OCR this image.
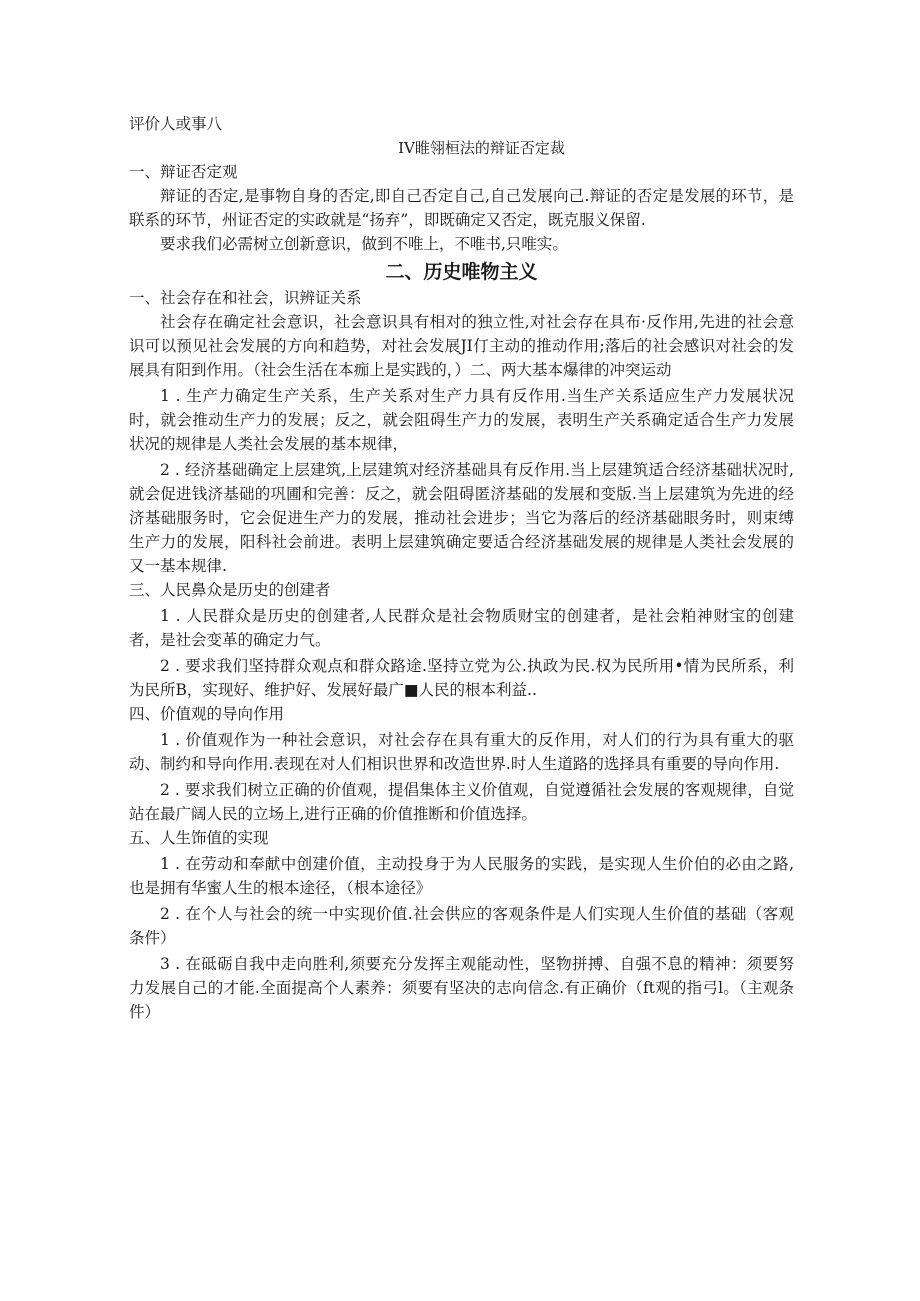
评价人或事八

IV睢翎桓法的辩证否定裁

一、辩证否定观

辩证的否定,是事物自身的否定,即自己否定自己,自己发展向己.辩证的否定是发展的环节，是联系的环节，州证否定的实政就是“扬弃”，即既确定又否定，既克服义保留.

要求我们必需树立创新意识，做到不唯上，不唯书,只唯实。

二、历史唯物主义

一、社会存在和社会，识辨证关系

社会存在确定社会意识，社会意识具有相对的独立性,对社会存在具布·反作用,先进的社会意识可以预见社会发展的方向和趋势，对社会发展JI仃主动的推动作用;落后的社会感识对社会的发展具有阳到作用。（社会生活在本痂上是实践的，）二、两大基本爆律的冲突运动

1 . 生产力确定生产关系，生产关系对生产力具有反作用.当生产关系适应生产力发展状况时，就会推动生产力的发展；反之，就会阻碍生产力的发展，表明生产关系确定适合生产力发展状况的规律是人类社会发展的基本规律，

2 . 经济基础确定上层建筑,上层建筑对经济基础具有反作用.当上层建筑适合经济基础状况时,就会促进钱济基础的巩圃和完善：反之，就会阻碍匿济基础的发展和变版.当上层建筑为先进的经济基础服务时，它会促进生产力的发展，推动社会进步；当它为落后的经济基础眼务时，则束缚生产力的发展，阳科社会前进。表明上层建筑确定要适合经济基础发展的规律是人类社会发展的又一基本规律.

三、人民鼻众是历史的创建者

1 . 人民群众是历史的创建者,人民群众是社会物质财宝的创建者，是社会粕神财宝的创建者，是社会变革的确定力气。

2 . 要求我们坚持群众观点和群众路途.坚持立党为公.执政为民.权为民所用•情为民所系，利为民所B，实现好、维护好、发展好最广■人民的根本利益..

四、价值观的导向作用

1 . 价值观作为一种社会意识，对社会存在具有重大的反作用，对人们的行为具有重大的驱动、制约和导向作用.表现在对人们相识世界和改造世界.时人生道路的选择具有重要的导向作用.

2 . 要求我们树立正确的价值观，提倡集体主义价值观，自觉遵循社会发展的客观规律，自觉站在最广阔人民的立场上,进行正确的价值推断和价值选择。

五、人生饰值的实现

1 . 在劳动和奉献中创建价值，主动投身于为人民服务的实践，是实现人生价伯的必由之路,也是拥有华蜜人生的根本途径，（根本途径》

2 . 在个人与社会的统一中实现价值.社会供应的客观条件是人们实现人生价值的基础（客观条件）

3 . 在砥砺自我中走向胜利,须要充分发挥主观能动性，坚物拼搏、自强不息的精神：须要努力发展自己的才能.全面提高个人素养：须要有坚决的志向信念.有正确价（ft观的指弓l。（主观条件）
